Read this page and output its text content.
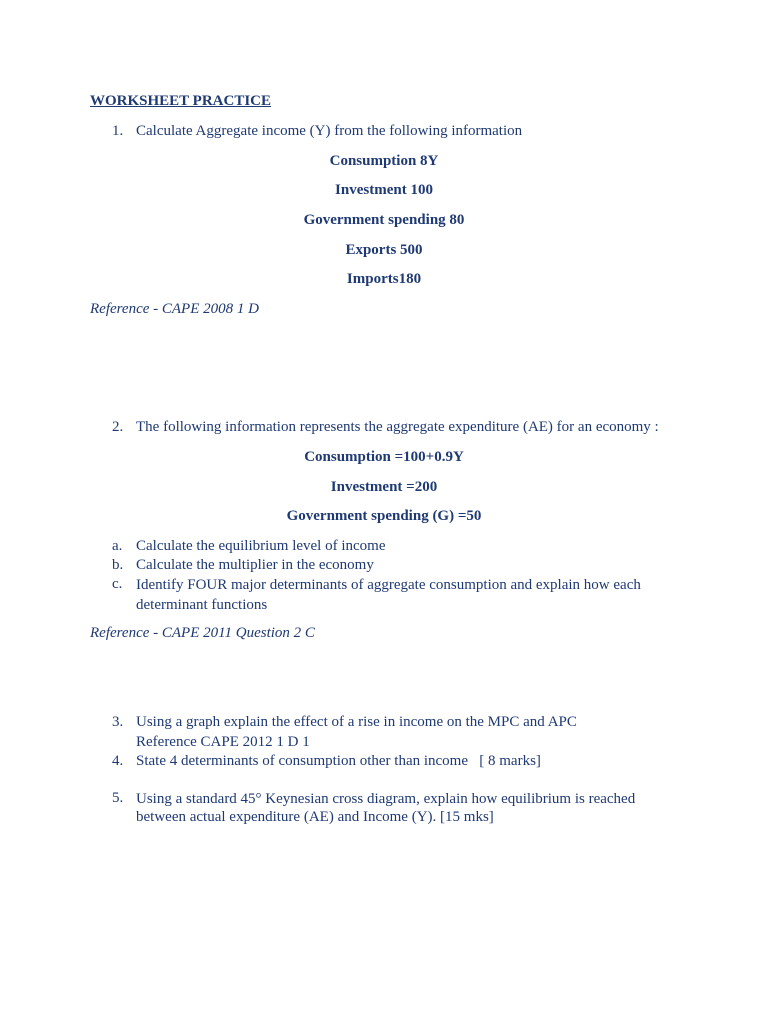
WORKSHEET PRACTICE
1. Calculate Aggregate income (Y) from the following information
Consumption 8Y
Investment 100
Government spending 80
Exports 500
Imports180
Reference - CAPE 2008 1 D
2. The following information represents the aggregate expenditure (AE) for an economy :
Consumption =100+0.9Y
Investment =200
Government spending (G) =50
a. Calculate the equilibrium level of income
b. Calculate the multiplier in the economy
c. Identify FOUR major determinants of aggregate consumption and explain how each determinant functions
Reference - CAPE 2011 Question 2 C
3. Using a graph explain the effect of a rise in income on the MPC and APC
Reference CAPE 2012 1 D 1
4. State 4 determinants of consumption other than income   [ 8 marks]
5. Using a standard 45° Keynesian cross diagram, explain how equilibrium is reached between actual expenditure (AE) and Income (Y). [15 mks]
